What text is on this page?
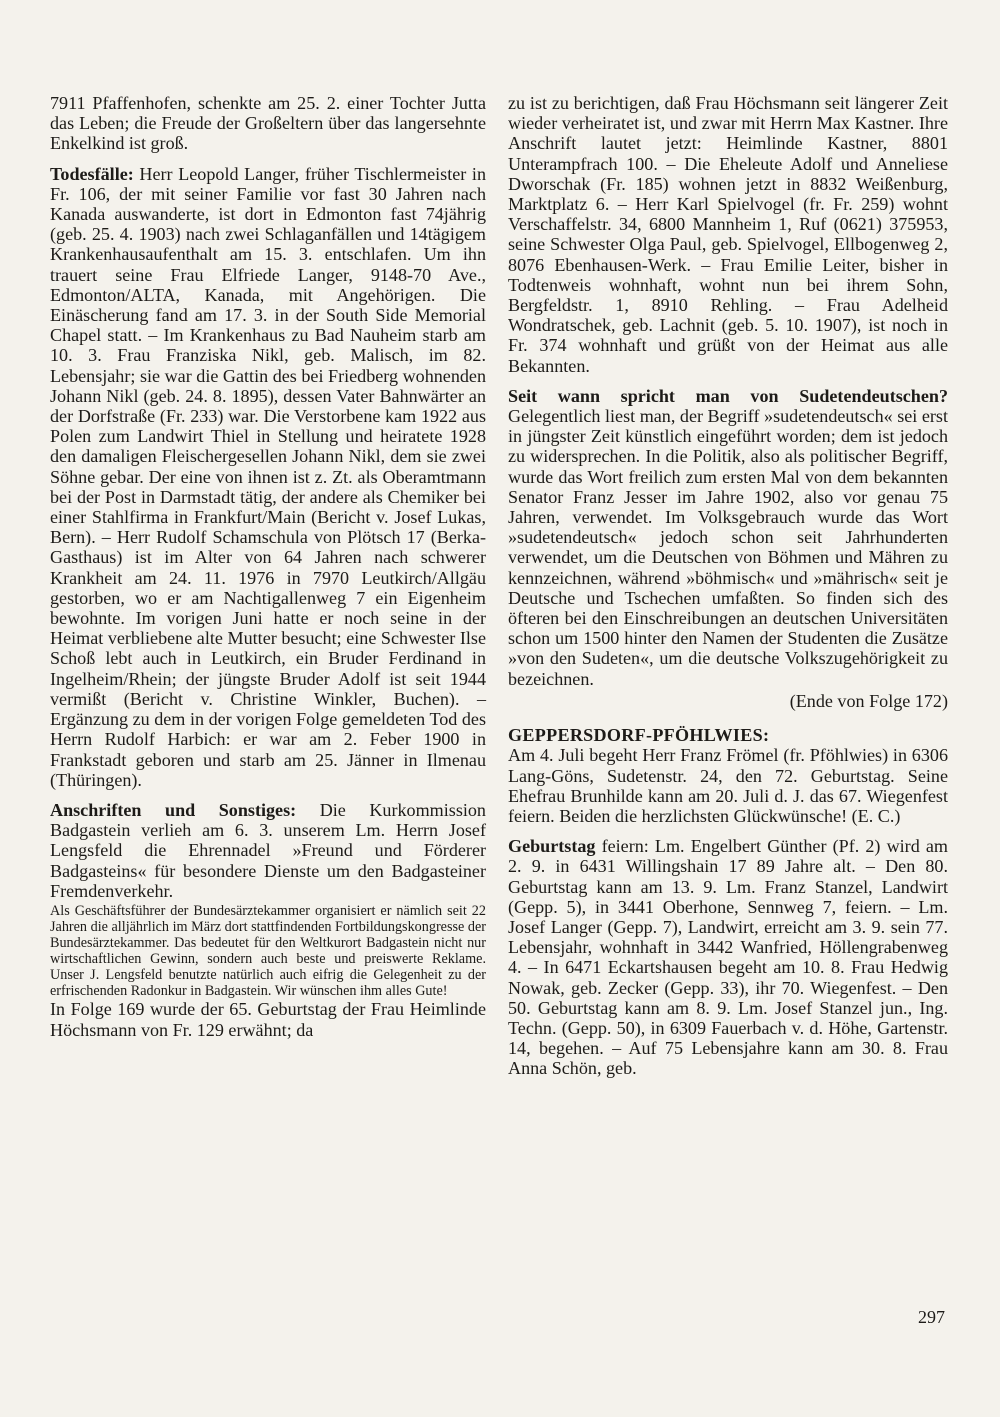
7911 Pfaffenhofen, schenkte am 25. 2. einer Tochter Jutta das Leben; die Freude der Großeltern über das langersehnte Enkelkind ist groß.

Todesfälle: Herr Leopold Langer, früher Tischlermeister in Fr. 106, der mit seiner Familie vor fast 30 Jahren nach Kanada auswanderte, ist dort in Edmonton fast 74jährig (geb. 25. 4. 1903) nach zwei Schlaganfällen und 14tägigem Krankenhausaufenthalt am 15. 3. entschlafen. Um ihn trauert seine Frau Elfriede Langer, 9148-70 Ave., Edmonton/ALTA, Kanada, mit Angehörigen. Die Einäscherung fand am 17. 3. in der South Side Memorial Chapel statt. – Im Krankenhaus zu Bad Nauheim starb am 10. 3. Frau Franziska Nikl, geb. Malisch, im 82. Lebensjahr; sie war die Gattin des bei Friedberg wohnenden Johann Nikl (geb. 24. 8. 1895), dessen Vater Bahnwärter an der Dorfstraße (Fr. 233) war. Die Verstorbene kam 1922 aus Polen zum Landwirt Thiel in Stellung und heiratete 1928 den damaligen Fleischergesellen Johann Nikl, dem sie zwei Söhne gebar. Der eine von ihnen ist z. Zt. als Oberamtmann bei der Post in Darmstadt tätig, der andere als Chemiker bei einer Stahlfirma in Frankfurt/Main (Bericht v. Josef Lukas, Bern). – Herr Rudolf Schamschula von Plötsch 17 (Berka-Gasthaus) ist im Alter von 64 Jahren nach schwerer Krankheit am 24. 11. 1976 in 7970 Leutkirch/Allgäu gestorben, wo er am Nachtigallenweg 7 ein Eigenheim bewohnte. Im vorigen Juni hatte er noch seine in der Heimat verbliebene alte Mutter besucht; eine Schwester Ilse Schoß lebt auch in Leutkirch, ein Bruder Ferdinand in Ingelheim/Rhein; der jüngste Bruder Adolf ist seit 1944 vermißt (Bericht v. Christine Winkler, Buchen). – Ergänzung zu dem in der vorigen Folge gemeldeten Tod des Herrn Rudolf Harbich: er war am 2. Feber 1900 in Frankstadt geboren und starb am 25. Jänner in Ilmenau (Thüringen).

Anschriften und Sonstiges: Die Kurkommission Badgastein verlieh am 6. 3. unserem Lm. Herrn Josef Lengsfeld die Ehrennadel »Freund und Förderer Badgasteins« für besondere Dienste um den Badgasteiner Fremdenverkehr.

Als Geschäftsführer der Bundesärztekammer organisiert er nämlich seit 22 Jahren die alljährlich im März dort stattfindenden Fortbildungskongresse der Bundesärztekammer. Das bedeutet für den Weltkurort Badgastein nicht nur wirtschaftlichen Gewinn, sondern auch beste und preiswerte Reklame. Unser J. Lengsfeld benutzte natürlich auch eifrig die Gelegenheit zu der erfrischenden Radonkur in Badgastein. Wir wünschen ihm alles Gute!

In Folge 169 wurde der 65. Geburtstag der Frau Heimlinde Höchsmann von Fr. 129 erwähnt; da

zu ist zu berichtigen, daß Frau Höchsmann seit längerer Zeit wieder verheiratet ist, und zwar mit Herrn Max Kastner. Ihre Anschrift lautet jetzt: Heimlinde Kastner, 8801 Unterampfrach 100. – Die Eheleute Adolf und Anneliese Dworschak (Fr. 185) wohnen jetzt in 8832 Weißenburg, Marktplatz 6. – Herr Karl Spielvogel (fr. Fr. 259) wohnt Verschaffelstr. 34, 6800 Mannheim 1, Ruf (0621) 375953, seine Schwester Olga Paul, geb. Spielvogel, Ellbogenweg 2, 8076 Ebenhausen-Werk. – Frau Emilie Leiter, bisher in Todtenweis wohnhaft, wohnt nun bei ihrem Sohn, Bergfeldstr. 1, 8910 Rehling. – Frau Adelheid Wondratschek, geb. Lachnit (geb. 5. 10. 1907), ist noch in Fr. 374 wohnhaft und grüßt von der Heimat aus alle Bekannten.

Seit wann spricht man von Sudetendeutschen? Gelegentlich liest man, der Begriff »sudetendeutsch« sei erst in jüngster Zeit künstlich eingeführt worden; dem ist jedoch zu widersprechen. In die Politik, also als politischer Begriff, wurde das Wort freilich zum ersten Mal von dem bekannten Senator Franz Jesser im Jahre 1902, also vor genau 75 Jahren, verwendet. Im Volksgebrauch wurde das Wort »sudetendeutsch« jedoch schon seit Jahrhunderten verwendet, um die Deutschen von Böhmen und Mähren zu kennzeichnen, während »böhmisch« und »mährisch« seit je Deutsche und Tschechen umfaßten. So finden sich des öfteren bei den Einschreibungen an deutschen Universitäten schon um 1500 hinter den Namen der Studenten die Zusätze »von den Sudeten«, um die deutsche Volkszugehörigkeit zu bezeichnen.

(Ende von Folge 172)

GEPPERSDORF-PFÖHLWIES:

Am 4. Juli begeht Herr Franz Frömel (fr. Pföhlwies) in 6306 Lang-Göns, Sudetenstr. 24, den 72. Geburtstag. Seine Ehefrau Brunhilde kann am 20. Juli d. J. das 67. Wiegenfest feiern. Beiden die herzlichsten Glückwünsche! (E. C.)

Geburtstag feiern: Lm. Engelbert Günther (Pf. 2) wird am 2. 9. in 6431 Willingshain 17 89 Jahre alt. – Den 80. Geburtstag kann am 13. 9. Lm. Franz Stanzel, Landwirt (Gepp. 5), in 3441 Oberhone, Sennweg 7, feiern. – Lm. Josef Langer (Gepp. 7), Landwirt, erreicht am 3. 9. sein 77. Lebensjahr, wohnhaft in 3442 Wanfried, Höllengrabenweg 4. – In 6471 Eckartshausen begeht am 10. 8. Frau Hedwig Nowak, geb. Zecker (Gepp. 33), ihr 70. Wiegenfest. – Den 50. Geburtstag kann am 8. 9. Lm. Josef Stanzel jun., Ing. Techn. (Gepp. 50), in 6309 Fauerbach v. d. Höhe, Gartenstr. 14, begehen. – Auf 75 Lebensjahre kann am 30. 8. Frau Anna Schön, geb.

297
